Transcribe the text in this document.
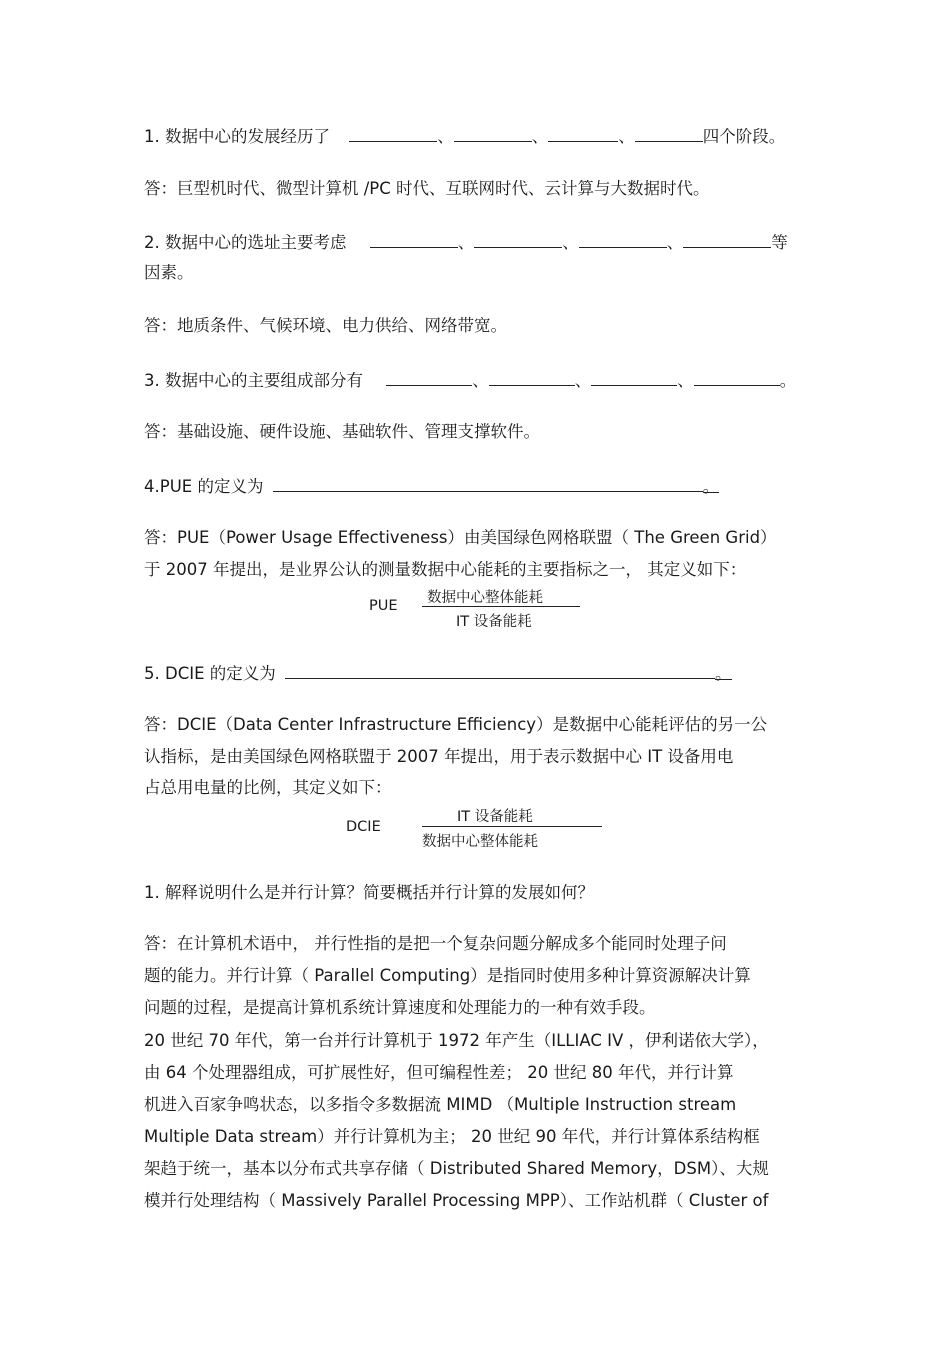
1. 数据中心的发展经历了	、	、	、	四个阶段。
答：巨型机时代、微型计算机 /PC 时代、互联网时代、云计算与大数据时代。
2. 数据中心的选址主要考虑	、	、	、	等
因素。
答：地质条件、气候环境、电力供给、网络带宽。
3. 数据中心的主要组成部分有	、	、	、	。
答：基础设施、硬件设施、基础软件、管理支撑软件。
4.PUE 的定义为	。
答：PUE（Power Usage Effectiveness）由美国绿色网格联盟（ The Green Grid）
于 2007 年提出，是业界公认的测量数据中心能耗的主要指标之一， 其定义如下：
PUE 数据中心整体能耗
IT 设备能耗
5. DCIE 的定义为	。
答：DCIE（Data Center Infrastructure Efficiency）是数据中心能耗评估的另一公
认指标，是由美国绿色网格联盟于 2007 年提出，用于表示数据中心 IT 设备用电
占总用电量的比例，其定义如下：
DCIE
IT 设备能耗
数据中心整体能耗
1. 解释说明什么是并行计算？简要概括并行计算的发展如何？
答：在计算机术语中， 并行性指的是把一个复杂问题分解成多个能同时处理子问
题的能力。并行计算（ Parallel Computing）是指同时使用多种计算资源解决计算
问题的过程，是提高计算机系统计算速度和处理能力的一种有效手段。
20 世纪 70 年代，第一台并行计算机于 1972 年产生（ILLIAC IV ，伊利诺依大学），
由 64 个处理器组成，可扩展性好，但可编程性差； 20 世纪 80 年代，并行计算
机进入百家争鸣状态，以多指令多数据流 MIMD （Multiple Instruction stream
Multiple Data stream）并行计算机为主； 20 世纪 90 年代，并行计算体系结构框
架趋于统一，基本以分布式共享存储（ Distributed Shared Memory，DSM）、大规
模并行处理结构（ Massively Parallel Processing MPP）、工作站机群（ Cluster of
